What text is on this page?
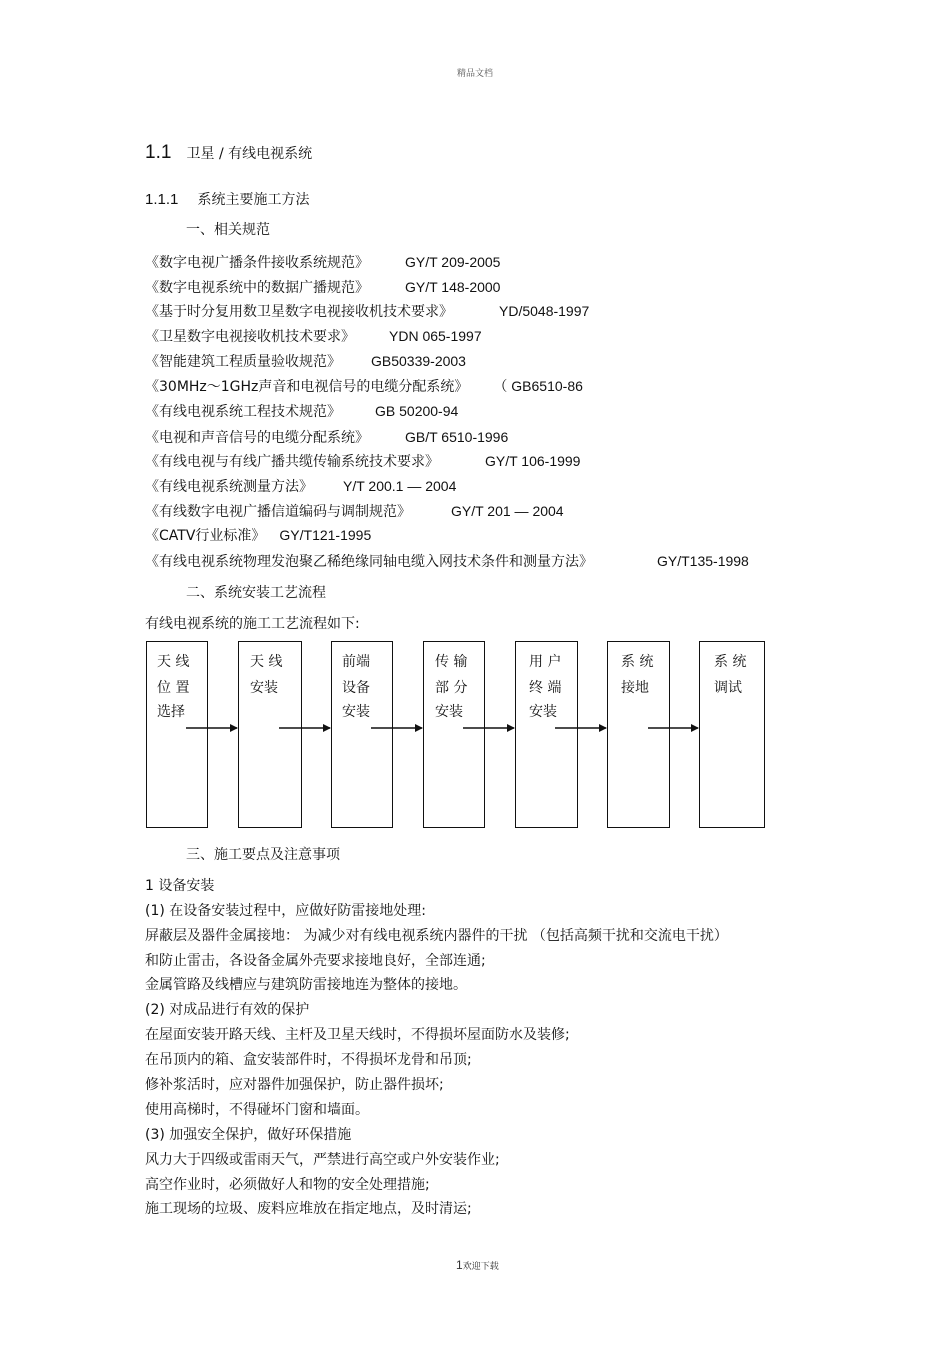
精品文档
1.1 卫星 / 有线电视系统
1.1.1 系统主要施工方法
一、相关规范
《数字电视广播条件接收系统规范》	GY/T 209-2005
《数字电视系统中的数据广播规范》	GY/T 148-2000
《基于时分复用数卫星数字电视接收机技术要求》	YD/5048-1997
《卫星数字电视接收机技术要求》 YDN 065-1997
《智能建筑工程质量验收规范》 GB50339-2003
《30MHz～1GHz声音和电视信号的电缆分配系统》 （ GB6510-86
《有线电视系统工程技术规范》 GB 50200-94
《电视和声音信号的电缆分配系统》	GB/T 6510-1996
《有线电视与有线广播共缆传输系统技术要求》	GY/T 106-1999
《有线电视系统测量方法》 Y/T 200.1 — 2004
《有线数字电视广播信道编码与调制规范》	GY/T 201 — 2004
《CATV行业标准》 GY/T121-1995
《有线电视系统物理发泡聚乙稀绝缘同轴电缆入网技术条件和测量方法》	GY/T135-1998
二、系统安装工艺流程
有线电视系统的施工工艺流程如下:
天 线
位 置
选择
天 线
安装
前端
设备
安装
传 输
部 分
安装
用 户
终 端
安装
系 统
接地
系 统
调试
三、施工要点及注意事项
1 设备安装
(1) 在设备安装过程中，应做好防雷接地处理:
屏蔽层及器件金属接地： 为减少对有线电视系统内器件的干扰 （包括高频干扰和交流电干扰）
和防止雷击，各设备金属外壳要求接地良好，全部连通;
金属管路及线槽应与建筑防雷接地连为整体的接地。
(2) 对成品进行有效的保护
在屋面安装开路天线、主杆及卫星天线时，不得损坏屋面防水及装修;
在吊顶内的箱、盒安装部件时，不得损坏龙骨和吊顶;
修补浆活时，应对器件加强保护，防止器件损坏;
使用高梯时，不得碰坏门窗和墙面。
(3) 加强安全保护，做好环保措施
风力大于四级或雷雨天气，严禁进行高空或户外安装作业;
高空作业时，必须做好人和物的安全处理措施;
施工现场的垃圾、废料应堆放在指定地点，及时清运;
1欢迎下载
